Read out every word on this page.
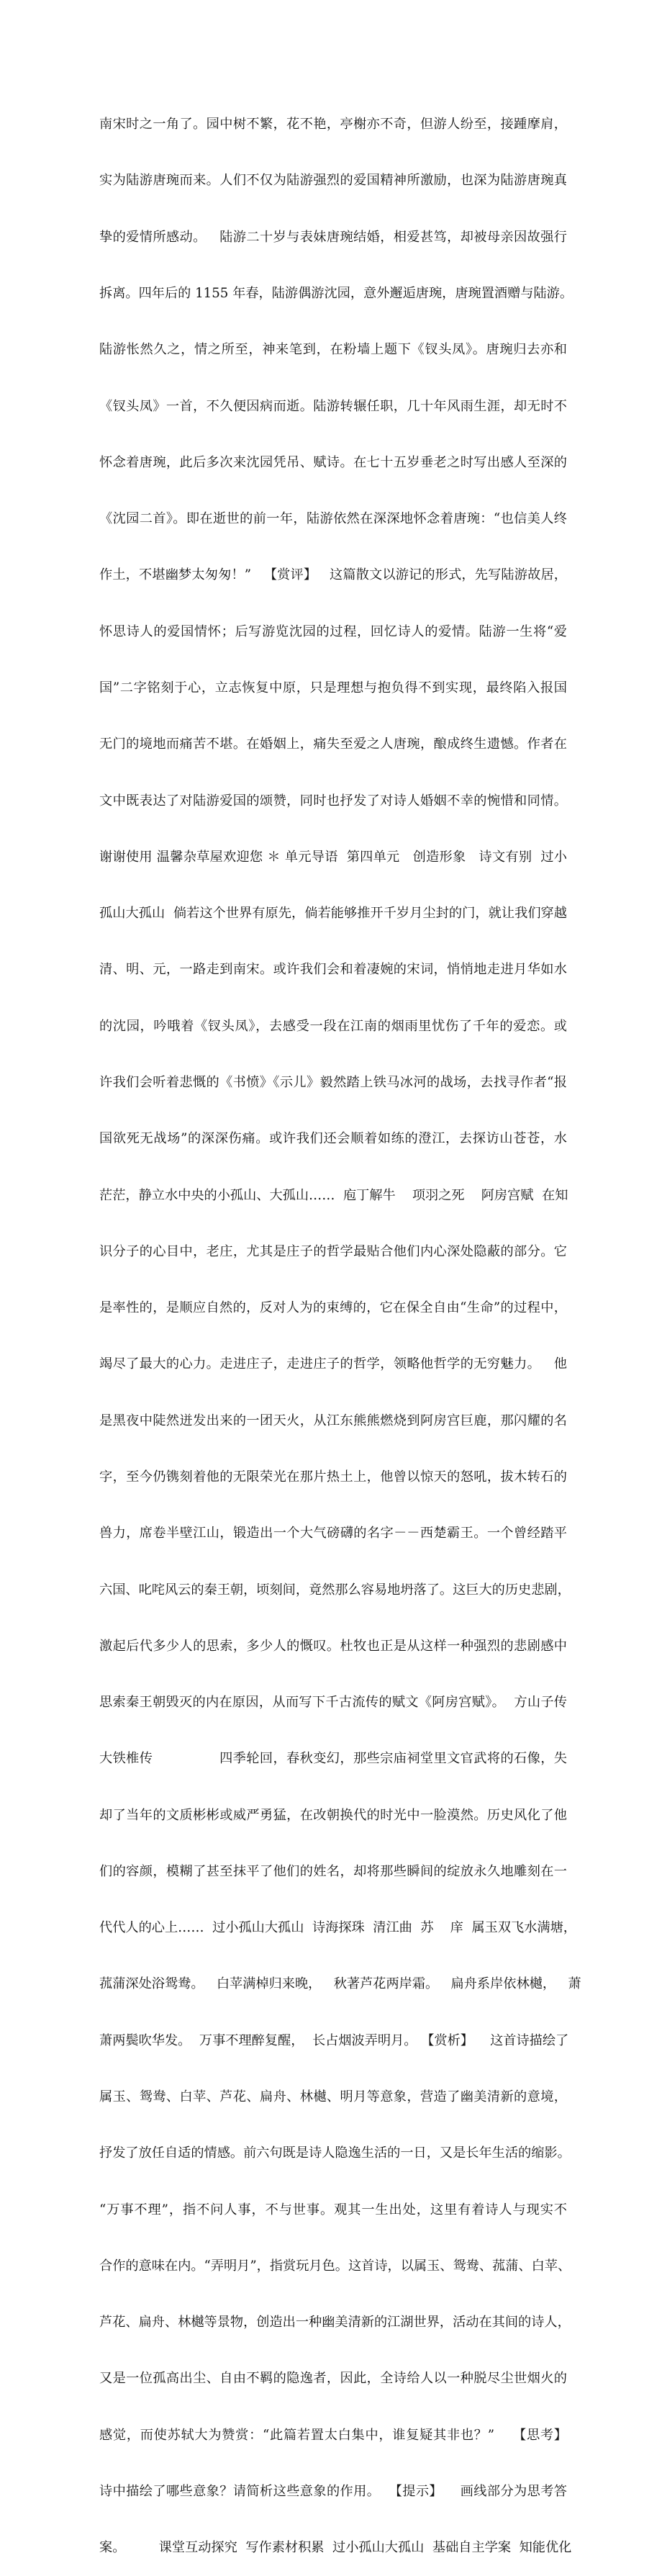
南宋时之一角了。园中树不繁，花不艳，亭榭亦不奇，但游人纷至，接踵摩肩，

实为陆游唐琬而来。人们不仅为陆游强烈的爱国精神所激励，也深为陆游唐琬真

挚的爱情所感动。   陆游二十岁与表妹唐琬结婚，相爱甚笃，却被母亲因故强行

拆离。四年后的 1155 年春，陆游偶游沈园，意外邂逅唐琬，唐琬置酒赠与陆游。

陆游怅然久之，情之所至，神来笔到，在粉墙上题下《钗头凤》。唐琬归去亦和

《钗头凤》一首，不久便因病而逝。陆游转辗任职，几十年风雨生涯，却无时不

怀念着唐琬，此后多次来沈园凭吊、赋诗。在七十五岁垂老之时写出感人至深的

《沈园二首》。即在逝世的前一年，陆游依然在深深地怀念着唐琬：“也信美人终

作土，不堪幽梦太匆匆！”   【赏评】   这篇散文以游记的形式，先写陆游故居，

怀思诗人的爱国情怀；后写游览沈园的过程，回忆诗人的爱情。陆游一生将“爱

国”二字铭刻于心，立志恢复中原，只是理想与抱负得不到实现，最终陷入报国

无门的境地而痛苦不堪。在婚姻上，痛失至爱之人唐琬，酿成终生遗憾。作者在

文中既表达了对陆游爱国的颂赞，同时也抒发了对诗人婚姻不幸的惋惜和同情。

谢谢使用 温馨杂草屋欢迎您 ＊ 单元导语  第四单元   创造形象   诗文有别  过小

孤山大孤山  倘若这个世界有原先，倘若能够推开千岁月尘封的门，就让我们穿越

清、明、元，一路走到南宋。或许我们会和着凄婉的宋词，悄悄地走进月华如水

的沈园，吟哦着《钗头凤》，去感受一段在江南的烟雨里忧伤了千年的爱恋。或

许我们会听着悲慨的《书愤》《示儿》毅然踏上铁马冰河的战场，去找寻作者“报

国欲死无战场”的深深伤痛。或许我们还会顺着如练的澄江，去探访山苍苍，水

茫茫，静立水中央的小孤山、大孤山……  庖丁解牛    项羽之死    阿房宫赋  在知

识分子的心目中，老庄，尤其是庄子的哲学最贴合他们内心深处隐蔽的部分。它

是率性的，是顺应自然的，反对人为的束缚的，它在保全自由“生命”的过程中，

竭尽了最大的心力。走进庄子，走进庄子的哲学，领略他哲学的无穷魅力。   他

是黑夜中陡然迸发出来的一团天火，从江东熊熊燃烧到阿房宫巨鹿，那闪耀的名

字，至今仍镌刻着他的无限荣光在那片热土上，他曾以惊天的怒吼，拔木转石的

兽力，席卷半壁江山，锻造出一个大气磅礴的名字－－西楚霸王。一个曾经踏平

六国、叱咤风云的秦王朝，顷刻间，竟然那么容易地坍落了。这巨大的历史悲剧，

激起后代多少人的思索，多少人的慨叹。杜牧也正是从这样一种强烈的悲剧感中

思索秦王朝毁灭的内在原因，从而写下千古流传的赋文《阿房宫赋》。  方山子传

大铁椎传               四季轮回，春秋变幻，那些宗庙祠堂里文官武将的石像，失

却了当年的文质彬彬或威严勇猛，在改朝换代的时光中一脸漠然。历史风化了他

们的容颜，模糊了甚至抹平了他们的姓名，却将那些瞬间的绽放永久地雕刻在一

代代人的心上……  过小孤山大孤山  诗海探珠  清江曲  苏    庠  属玉双飞水满塘，

菰蒲深处浴鸳鸯。   白苹满棹归来晚，   秋著芦花两岸霜。   扁舟系岸依林樾，   萧

萧两鬓吹华发。  万事不理醉复醒，  长占烟波弄明月。 【赏析】    这首诗描绘了

属玉、鸳鸯、白苹、芦花、扁舟、林樾、明月等意象，营造了幽美清新的意境，

抒发了放任自适的情感。前六句既是诗人隐逸生活的一日，又是长年生活的缩影。

“万事不理”，指不问人事，不与世事。观其一生出处，这里有着诗人与现实不

合作的意味在内。“弄明月”，指赏玩月色。这首诗，以属玉、鸳鸯、菰蒲、白苹、

芦花、扁舟、林樾等景物，创造出一种幽美清新的江湖世界，活动在其间的诗人，

又是一位孤高出尘、自由不羁的隐逸者，因此，全诗给人以一种脱尽尘世烟火的

感觉，而使苏轼大为赞赏：“此篇若置太白集中，谁复疑其非也？”    【思考】

诗中描绘了哪些意象？请简析这些意象的作用。  【提示】    画线部分为思考答

案。        课堂互动探究  写作素材积累  过小孤山大孤山  基础自主学案  知能优化
